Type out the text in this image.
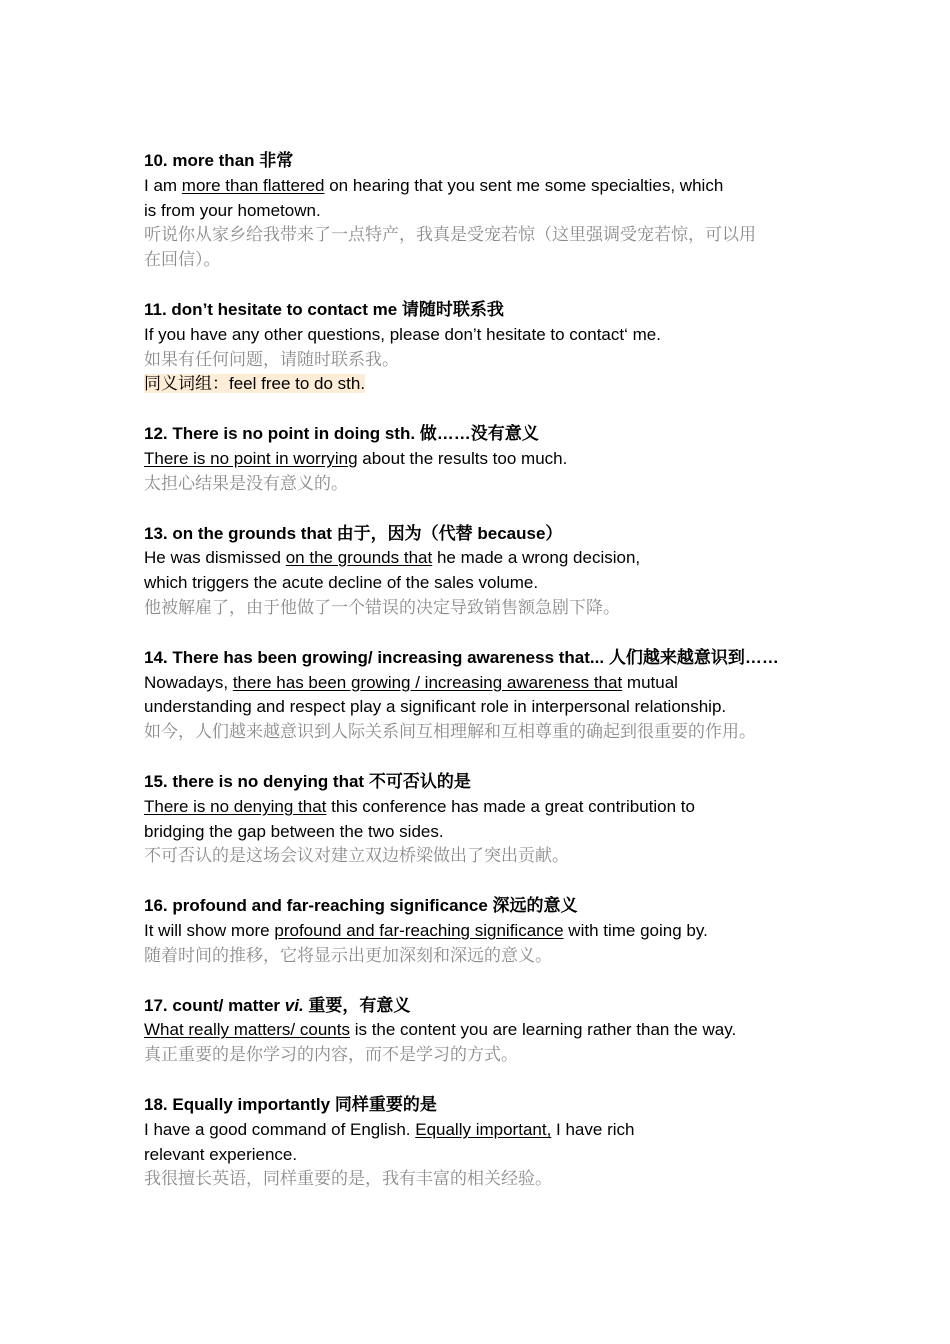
10. more than 非常
I am more than flattered on hearing that you sent me some specialties, which
is from your hometown.
听说你从家乡给我带来了一点特产，我真是受宠若惊（这里强调受宠若惊，可以用
在回信）。
11. don’t hesitate to contact me 请随时联系我
If you have any other questions, please don’t hesitate to contact‘ me.
如果有任何问题，请随时联系我。
同义词组：feel free to do sth.
12. There is no point in doing sth. 做……没有意义
There is no point in worrying about the results too much.
太担心结果是没有意义的。
13. on the grounds that 由于，因为（代替 because）
He was dismissed on the grounds that he made a wrong decision,
which triggers the acute decline of the sales volume.
他被解雇了，由于他做了一个错误的决定导致销售额急剧下降。
14. There has been growing/ increasing awareness that... 人们越来越意识到……
Nowadays, there has been growing / increasing awareness that mutual
understanding and respect play a significant role in interpersonal relationship.
如今，人们越来越意识到人际关系间互相理解和互相尊重的确起到很重要的作用。
15. there is no denying that 不可否认的是
There is no denying that this conference has made a great contribution to
bridging the gap between the two sides.
不可否认的是这场会议对建立双边桥梁做出了突出贡献。
16. profound and far-reaching significance 深远的意义
It will show more profound and far-reaching significance with time going by.
随着时间的推移，它将显示出更加深刻和深远的意义。
17. count/ matter vi. 重要，有意义
What really matters/ counts is the content you are learning rather than the way.
真正重要的是你学习的内容，而不是学习的方式。
18. Equally importantly 同样重要的是
I have a good command of English. Equally important, I have rich
relevant experience.
我很擅长英语，同样重要的是，我有丰富的相关经验。
